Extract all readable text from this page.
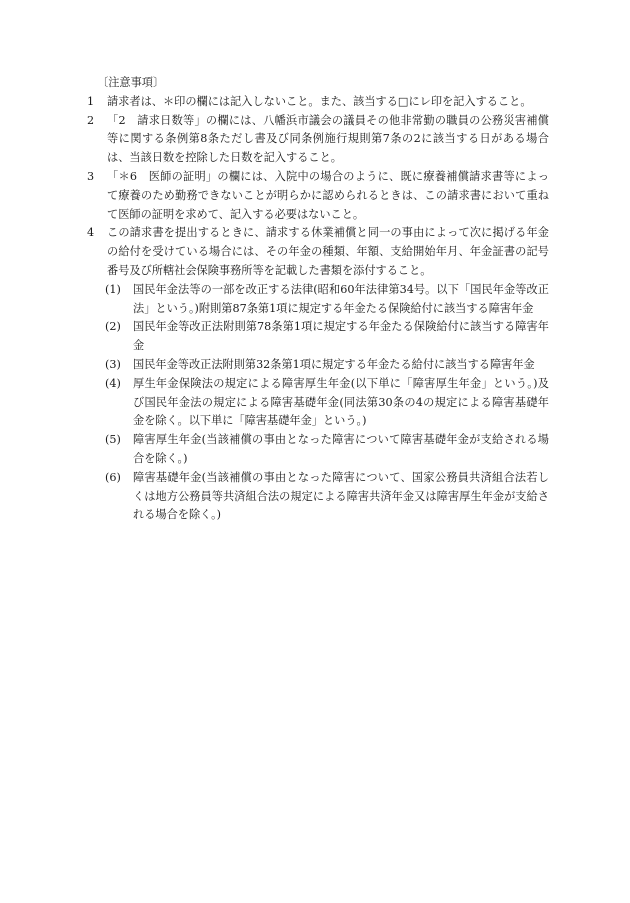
〔注意事項〕

1	請求者は、＊印の欄には記入しないこと。また、該当する□にレ印を記入すること。
2	「2　請求日数等」の欄には、八幡浜市議会の議員その他非常勤の職員の公務災害補償等に関する条例第8条ただし書及び同条例施行規則第7条の2に該当する日がある場合は、当該日数を控除した日数を記入すること。
3	「＊6　医師の証明」の欄には、入院中の場合のように、既に療養補償請求書等によって療養のため勤務できないことが明らかに認められるときは、この請求書において重ねて医師の証明を求めて、記入する必要はないこと。
4	この請求書を提出するときに、請求する休業補償と同一の事由によって次に掲げる年金の給付を受けている場合には、その年金の種類、年額、支給開始年月、年金証書の記号番号及び所轄社会保険事務所等を記載した書類を添付すること。
(1)	国民年金法等の一部を改正する法律(昭和60年法律第34号。以下「国民年金等改正法」という。)附則第87条第1項に規定する年金たる保険給付に該当する障害年金
(2)	国民年金等改正法附則第78条第1項に規定する年金たる保険給付に該当する障害年金
(3)	国民年金等改正法附則第32条第1項に規定する年金たる給付に該当する障害年金
(4)	厚生年金保険法の規定による障害厚生年金(以下単に「障害厚生年金」という。)及び国民年金法の規定による障害基礎年金(同法第30条の4の規定による障害基礎年金を除く。以下単に「障害基礎年金」という。)
(5)	障害厚生年金(当該補償の事由となった障害について障害基礎年金が支給される場合を除く。)
(6)	障害基礎年金(当該補償の事由となった障害について、国家公務員共済組合法若しくは地方公務員等共済組合法の規定による障害共済年金又は障害厚生年金が支給される場合を除く。)
